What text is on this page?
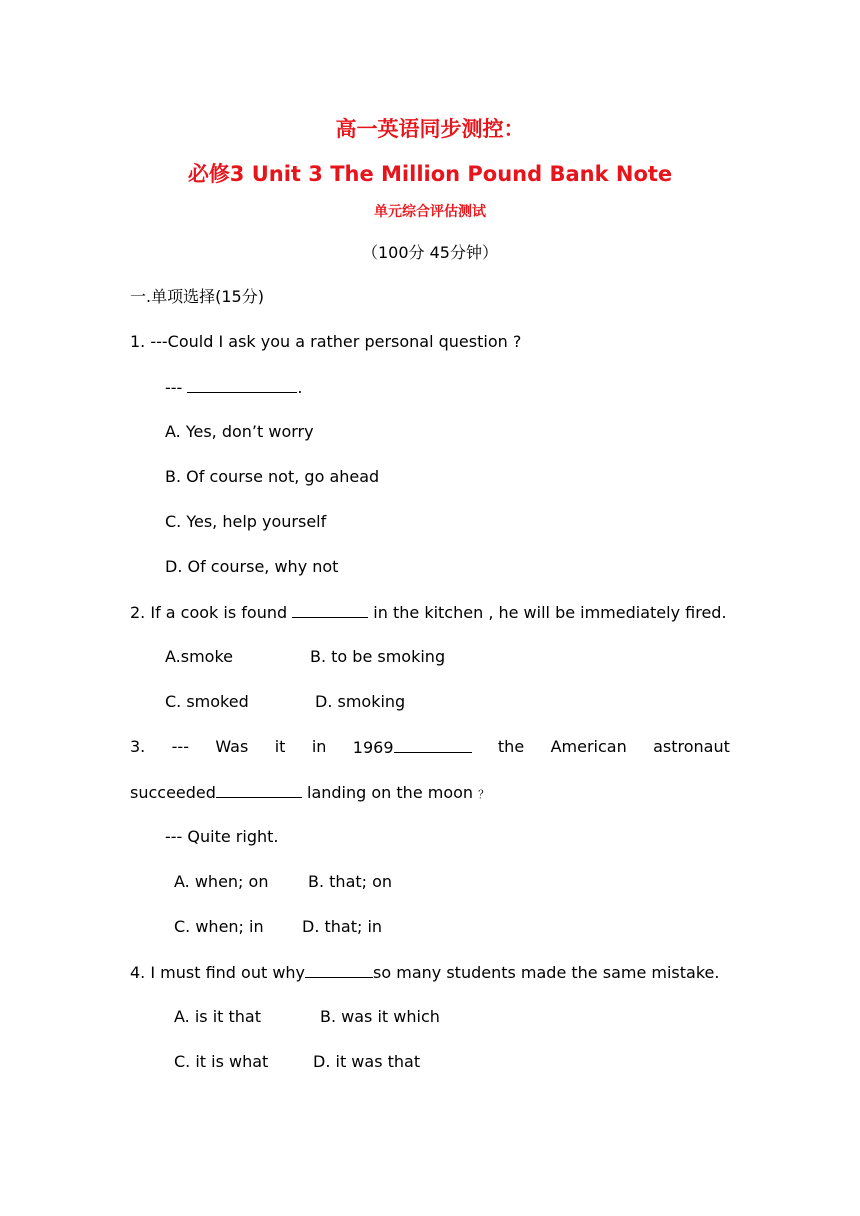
高一英语同步测控：
必修3 Unit 3 The Million Pound Bank Note
单元综合评估测试
（100分 45分钟）
一.单项选择(15分)
1. ---Could I ask you a rather personal question ?
---	.
A. Yes, don’t worry
B. Of course not, go ahead
C. Yes, help yourself
D. Of course, why not
2. If a cook is found	in the kitchen , he will be immediately fired.
A.smoke	B. to be smoking
C. smoked	D. smoking
3. --- Was it in 1969	the American astronaut
succeeded	landing on the moon ？
--- Quite right.
A. when; on B. that; on
C. when; in D. that; in
4. I must find out why	so many students made the same mistake.
A. is it that	B. was it which
C. it is what	D. it was that
